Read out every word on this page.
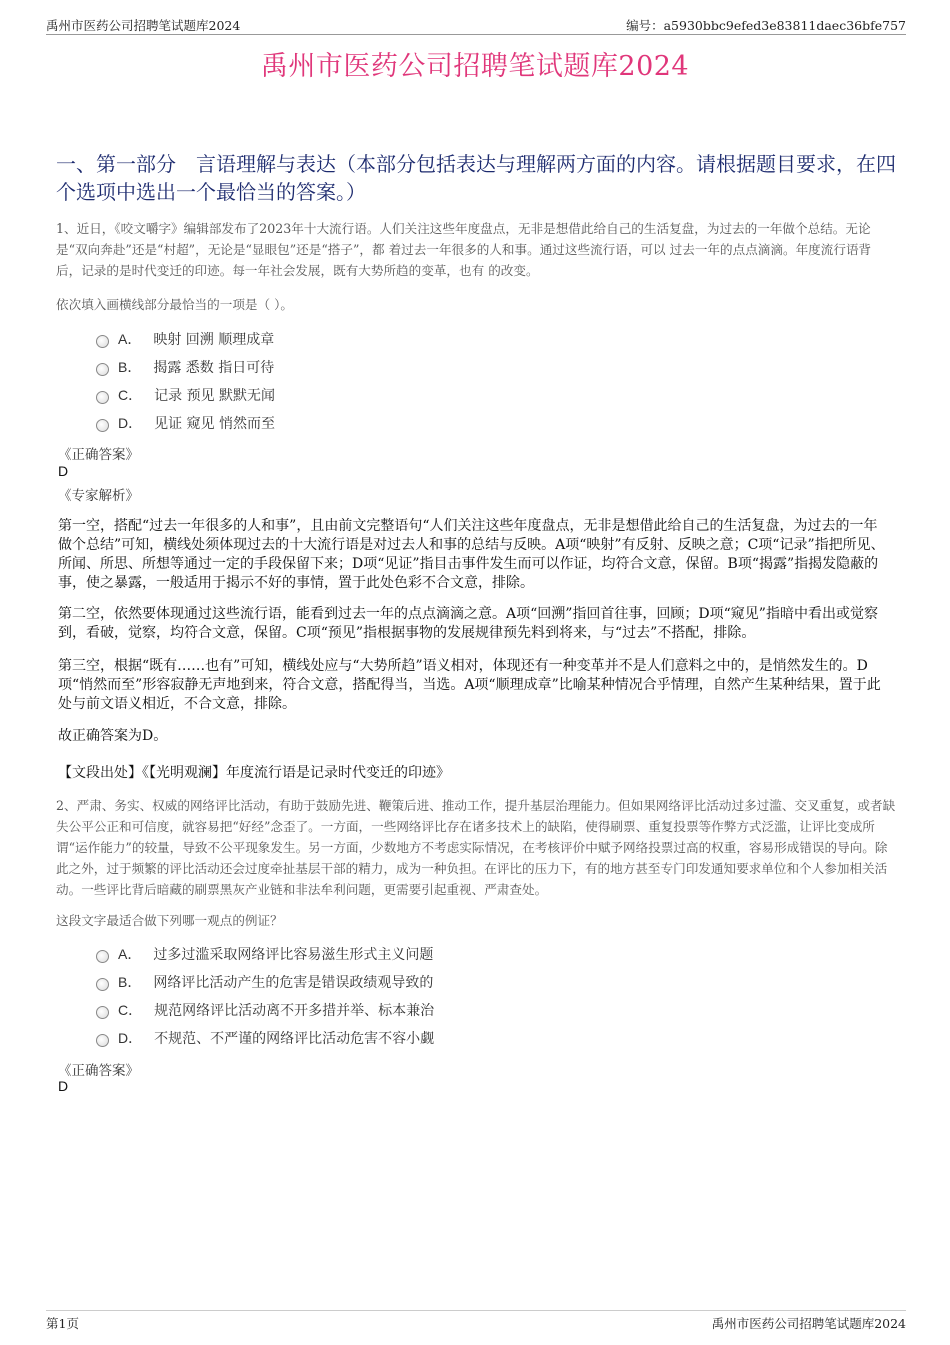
禹州市医药公司招聘笔试题库2024	编号：a5930bbc9efed3e83811daec36bfe757
禹州市医药公司招聘笔试题库2024
一、第一部分　言语理解与表达（本部分包括表达与理解两方面的内容。请根据题目要求，在四个选项中选出一个最恰当的答案。）
1、近日，《咬文嚼字》编辑部发布了2023年十大流行语。人们关注这些年度盘点，无非是想借此给自己的生活复盘，为过去的一年做个总结。无论是“双向奔赴”还是“村超”，无论是“显眼包”还是“搭子”，都 着过去一年很多的人和事。通过这些流行语，可以 过去一年的点点滴滴。年度流行语背后，记录的是时代变迁的印迹。每一年社会发展，既有大势所趋的变革，也有 的改变。
依次填入画横线部分最恰当的一项是（ ）。
A． 映射 回溯 顺理成章
B． 揭露 悉数 指日可待
C． 记录 预见 默默无闻
D． 见证 窥见 悄然而至
《正确答案》
D
《专家解析》
第一空，搭配“过去一年很多的人和事”，且由前文完整语句“人们关注这些年度盘点，无非是想借此给自己的生活复盘，为过去的一年做个总结”可知，横线处须体现过去的十大流行语是对过去人和事的总结与反映。A项“映射”有反射、反映之意；C项“记录”指把所见、所闻、所思、所想等通过一定的手段保留下来；D项“见证”指目击事件发生而可以作证，均符合文意，保留。B项“揭露”指揭发隐蔽的事，使之暴露，一般适用于揭示不好的事情，置于此处色彩不合文意，排除。
第二空，依然要体现通过这些流行语，能看到过去一年的点点滴滴之意。A项“回溯”指回首往事，回顾；D项“窥见”指暗中看出或觉察到，看破，觉察，均符合文意，保留。C项“预见”指根据事物的发展规律预先料到将来，与“过去”不搭配，排除。
第三空，根据“既有……也有”可知，横线处应与“大势所趋”语义相对，体现还有一种变革并不是人们意料之中的，是悄然发生的。D项“悄然而至”形容寂静无声地到来，符合文意，搭配得当，当选。A项“顺理成章”比喻某种情况合乎情理，自然产生某种结果，置于此处与前文语义相近，不合文意，排除。
故正确答案为D。
【文段出处】《【光明观澜】年度流行语是记录时代变迁的印迹》
2、严肃、务实、权威的网络评比活动，有助于鼓励先进、鞭策后进、推动工作，提升基层治理能力。但如果网络评比活动过多过滥、交叉重复，或者缺失公平公正和可信度，就容易把“好经”念歪了。一方面，一些网络评比存在诸多技术上的缺陷，使得刷票、重复投票等作弊方式泛滥，让评比变成所谓“运作能力”的较量，导致不公平现象发生。另一方面，少数地方不考虑实际情况，在考核评价中赋予网络投票过高的权重，容易形成错误的导向。除此之外，过于频繁的评比活动还会过度牵扯基层干部的精力，成为一种负担。在评比的压力下，有的地方甚至专门印发通知要求单位和个人参加相关活动。一些评比背后暗藏的刷票黑灰产业链和非法牟利问题，更需要引起重视、严肃查处。
这段文字最适合做下列哪一观点的例证？
A． 过多过滥采取网络评比容易滋生形式主义问题
B． 网络评比活动产生的危害是错误政绩观导致的
C． 规范网络评比活动离不开多措并举、标本兼治
D． 不规范、不严谨的网络评比活动危害不容小觑
《正确答案》
D
第1页	禹州市医药公司招聘笔试题库2024
